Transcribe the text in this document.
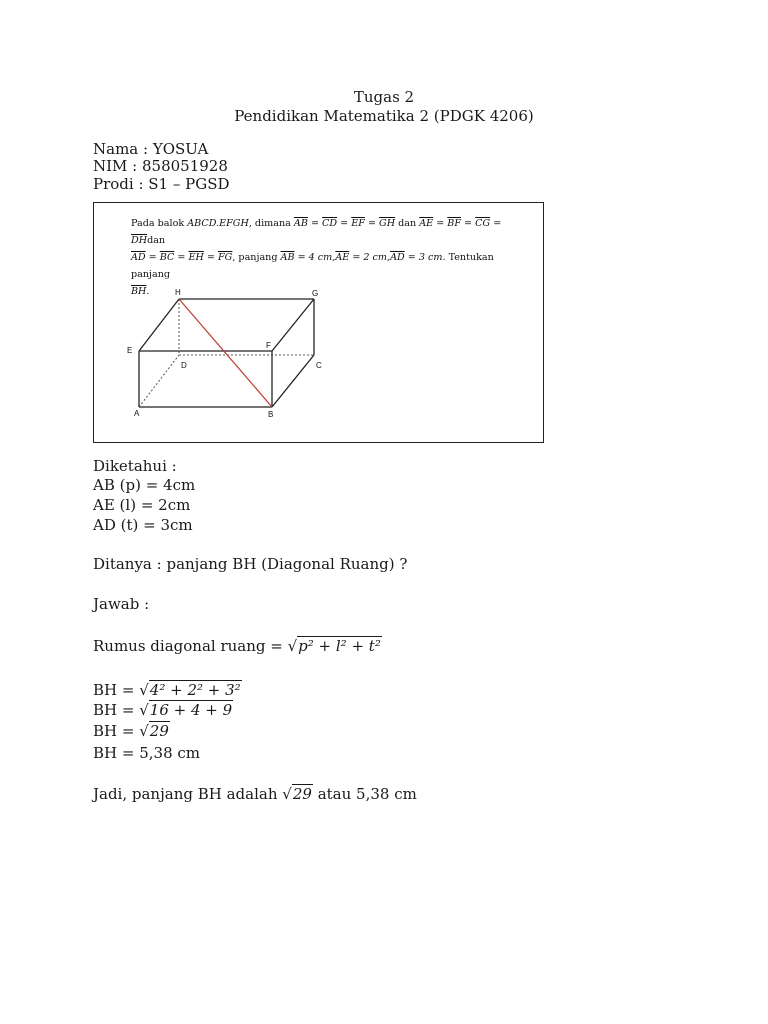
Tugas 2
Pendidikan Matematika 2 (PDGK 4206)
Nama : YOSUA
NIM : 858051928
Prodi : S1 – PGSD
Pada balok ABCD.EFGH, dimana $\overline{AB} = \overline{CD} = \overline{EF} = \overline{GH}$ dan $\overline{AE} = \overline{BF} = \overline{CG} = \overline{DH}dan$
$\overline{AD} = \overline{BC} = \overline{EH} = \overline{FG}$, panjang $\overline{AB} = 4$ $cm,\overline{AE} = 2$ $cm,\overline{AD} = 3$ cm. Tentukan panjang
$\overline{BH}$.
A	B
C
D
E
F
G
H
Diketahui :
AB (p) = 4cm
AE (l) = 2cm
AD (t) = 3cm
Ditanya : panjang BH (Diagonal Ruang) ?
Jawab :
Rumus diagonal ruang = √p² + l² + t²
BH = √4² + 2² + 3²
BH = √16 + 4 + 9
BH = √29
BH = 5,38 cm
Jadi, panjang BH adalah √29 atau 5,38 cm
